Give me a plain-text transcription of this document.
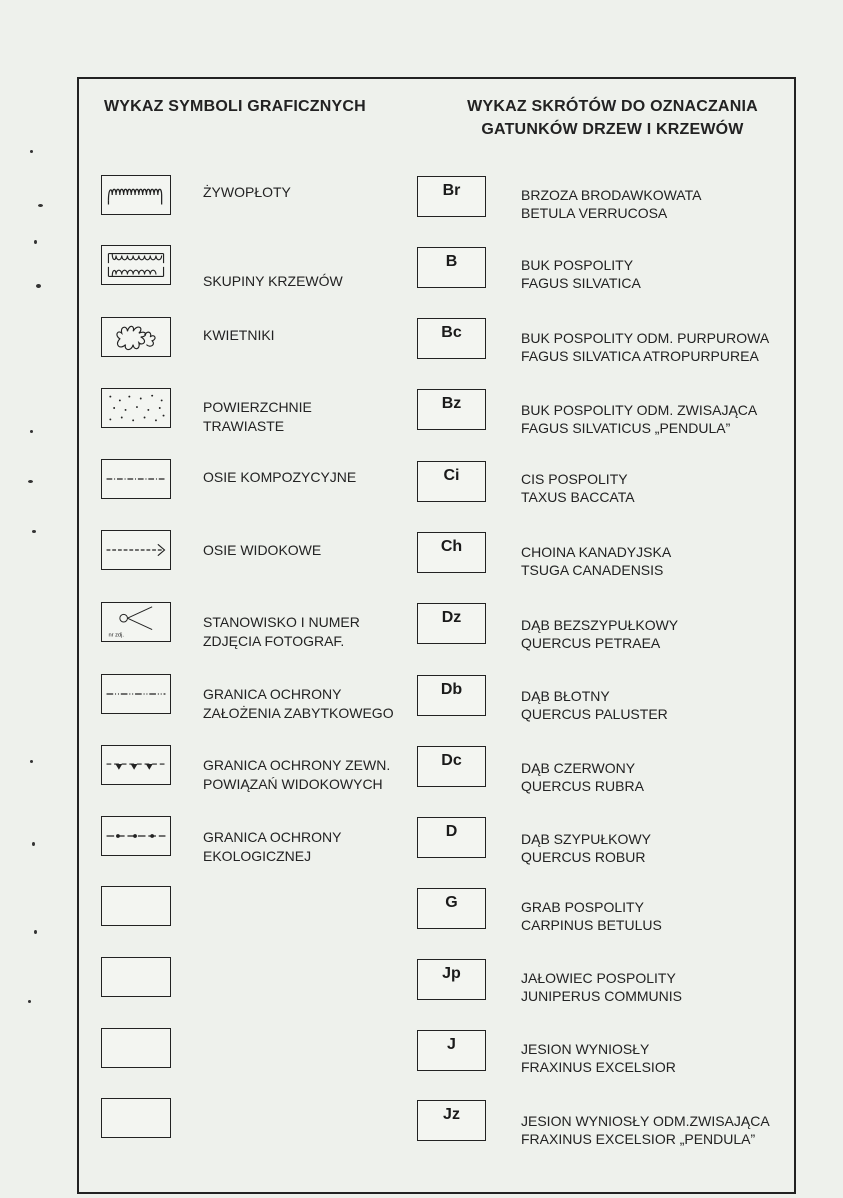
WYKAZ SYMBOLI GRAFICZNYCH	WYKAZ SKRÓTÓW DO OZNACZANIA
GATUNKÓW DRZEW I KRZEWÓW
ŻYWOPŁOTY
SKUPINY KRZEWÓW
KWIETNIKI
POWIERZCHNIE
TRAWIASTE
OSIE KOMPOZYCYJNE
OSIE WIDOKOWE
nr zdj.
STANOWISKO I NUMER
ZDJĘCIA FOTOGRAF.
GRANICA OCHRONY
ZAŁOŻENIA ZABYTKOWEGO
GRANICA OCHRONY ZEWN.
POWIĄZAŃ WIDOKOWYCH
GRANICA OCHRONY
EKOLOGICZNEJ
Br	BRZOZA BRODAWKOWATA
BETULA VERRUCOSA
B	BUK POSPOLITY
FAGUS SILVATICA
Bc	BUK POSPOLITY ODM. PURPUROWA
FAGUS SILVATICA ATROPURPUREA
Bz	BUK POSPOLITY ODM. ZWISAJĄCA
FAGUS SILVATICUS „PENDULA”
Ci	CIS POSPOLITY
TAXUS BACCATA
Ch	CHOINA KANADYJSKA
TSUGA CANADENSIS
Dz	DĄB BEZSZYPUŁKOWY
QUERCUS PETRAEA
Db	DĄB BŁOTNY
QUERCUS PALUSTER
Dc	DĄB CZERWONY
QUERCUS RUBRA
D	DĄB SZYPUŁKOWY
QUERCUS ROBUR
G	GRAB POSPOLITY
CARPINUS BETULUS
Jp	JAŁOWIEC POSPOLITY
JUNIPERUS COMMUNIS
J	JESION WYNIOSŁY
FRAXINUS EXCELSIOR
Jz	JESION WYNIOSŁY ODM.ZWISAJĄCA
FRAXINUS EXCELSIOR „PENDULA”
